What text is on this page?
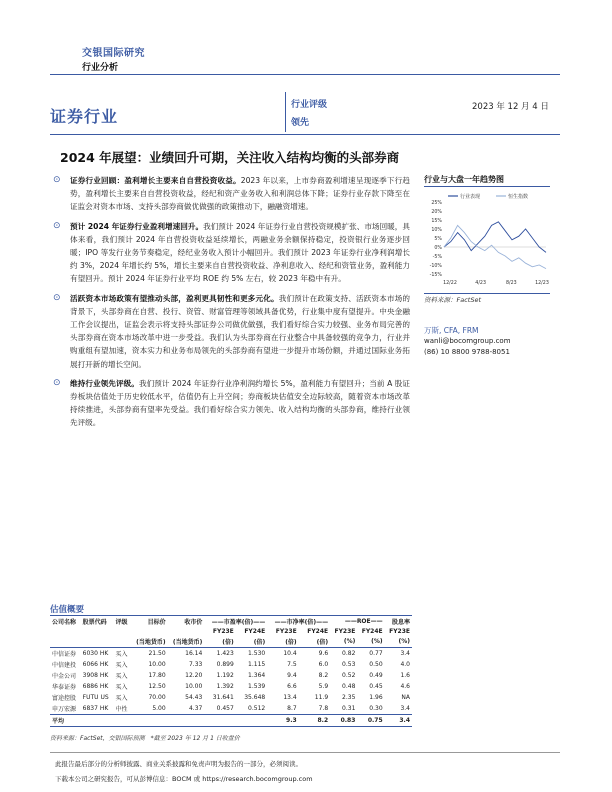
交银国际研究
行业分析
证券行业
行业评级
领先
2023 年 12 月 4 日
2024 年展望：业绩回升可期，关注收入结构均衡的头部券商
⊙ 证券行业回顾：盈利增长主要来自自营投资收益。2023 年以来，上市券商盈利增速呈现逐季下行趋势，盈利增长主要来自自营投资收益，经纪和资产业务收入和利润总体下降；证券行业存款下降至在证监会对资本市场、支持头部券商做优做强的政策推动下，融融资增速。
⊙ 预计 2024 年证券行业盈利增速回升。我们预计 2024 年证券行业自营投资规模扩张、市场回暖，具体来看，我们预计 2024 年自营投资收益延续增长，两融业务余额保持稳定，投资银行业务逐步回暖；IPO 等发行业务节奏稳定，经纪业务收入预计小幅回升。我们预计 2023 年证券行业净利润增长约 3%，2024 年增长约 5%，增长主要来自自营投资收益、净利息收入、经纪和资管业务，盈利能力有望回升。预计 2024 年证券行业平均 ROE 约 5% 左右，较 2023 年稳中有升。
⊙ 活跃资本市场政策有望推动头部，盈利更具韧性和更多元化。我们预计在政策支持、活跃资本市场的背景下，头部券商在自营、投行、资管、财富管理等领域具备优势，行业集中度有望提升。中央金融工作会议提出，证监会表示将支持头部证券公司做优做强，我们看好综合实力较强、业务布局完善的头部券商在资本市场改革中进一步受益。我们认为头部券商在行业整合中具备较强的竞争力，行业并购重组有望加速，资本实力和业务布局领先的头部券商有望进一步提升市场份额，并通过国际业务拓展打开新的增长空间。
⊙ 维持行业领先评级。我们预计 2024 年证券行业净利润约增长 5%，盈利能力有望回升；当前 A 股证券板块估值处于历史较低水平，估值仍有上升空间；券商板块估值安全边际较高，随着资本市场改革持续推进，头部券商有望率先受益。我们看好综合实力领先、收入结构均衡的头部券商，维持行业领先评级。
行业与大盘一年趋势图
行业表现	恒生指数
25%
20%
15%
10%
5%
0%
-5%
-10%
-15%
12/22	4/23	8/23	12/23
资料来源：FactSet
万斯, CFA, FRM
wanli@bocomgroup.com
(86) 10 8800 9788-8051
估值概要
公司名称	股票代码	评级	目标价	收市价	——市盈率(倍)——		——市净率(倍)——		——ROE——		股息率
					FY23E	FY24E	FY23E	FY24E	FY23E	FY24E	FY23E
			(当地货币)	(当地货币)	(倍)	(倍)	(倍)	(倍)	(%)	(%)	(%)
中信证券	6030 HK	买入	21.50	16.14	1.423	1.530	10.4	9.6	0.82	0.77	3.4
中信建投	6066 HK	买入	10.00	7.33	0.899	1.115	7.5	6.0	0.53	0.50	4.0
中金公司	3908 HK	买入	17.80	12.20	1.192	1.364	9.4	8.2	0.52	0.49	1.6
华泰证券	6886 HK	买入	12.50	10.00	1.392	1.539	6.6	5.9	0.48	0.45	4.6
富途控股	FUTU US	买入	70.00	54.43	31.641	35.648	13.4	11.9	2.35	1.96	NA
申万宏源	6837 HK	中性	5.00	4.37	0.457	0.512	8.7	7.8	0.31	0.30	3.4
平均							9.3	8.2	0.83	0.75	3.4
资料来源：FactSet，交银国际预测　*截至 2023 年 12 月 1 日收盘价
此报告最后部分的分析师披露、商业关系披露和免责声明为报告的一部分，必须阅读。
下载本公司之研究报告，可从彭博信息：BOCM 或 https://research.bocomgroup.com
